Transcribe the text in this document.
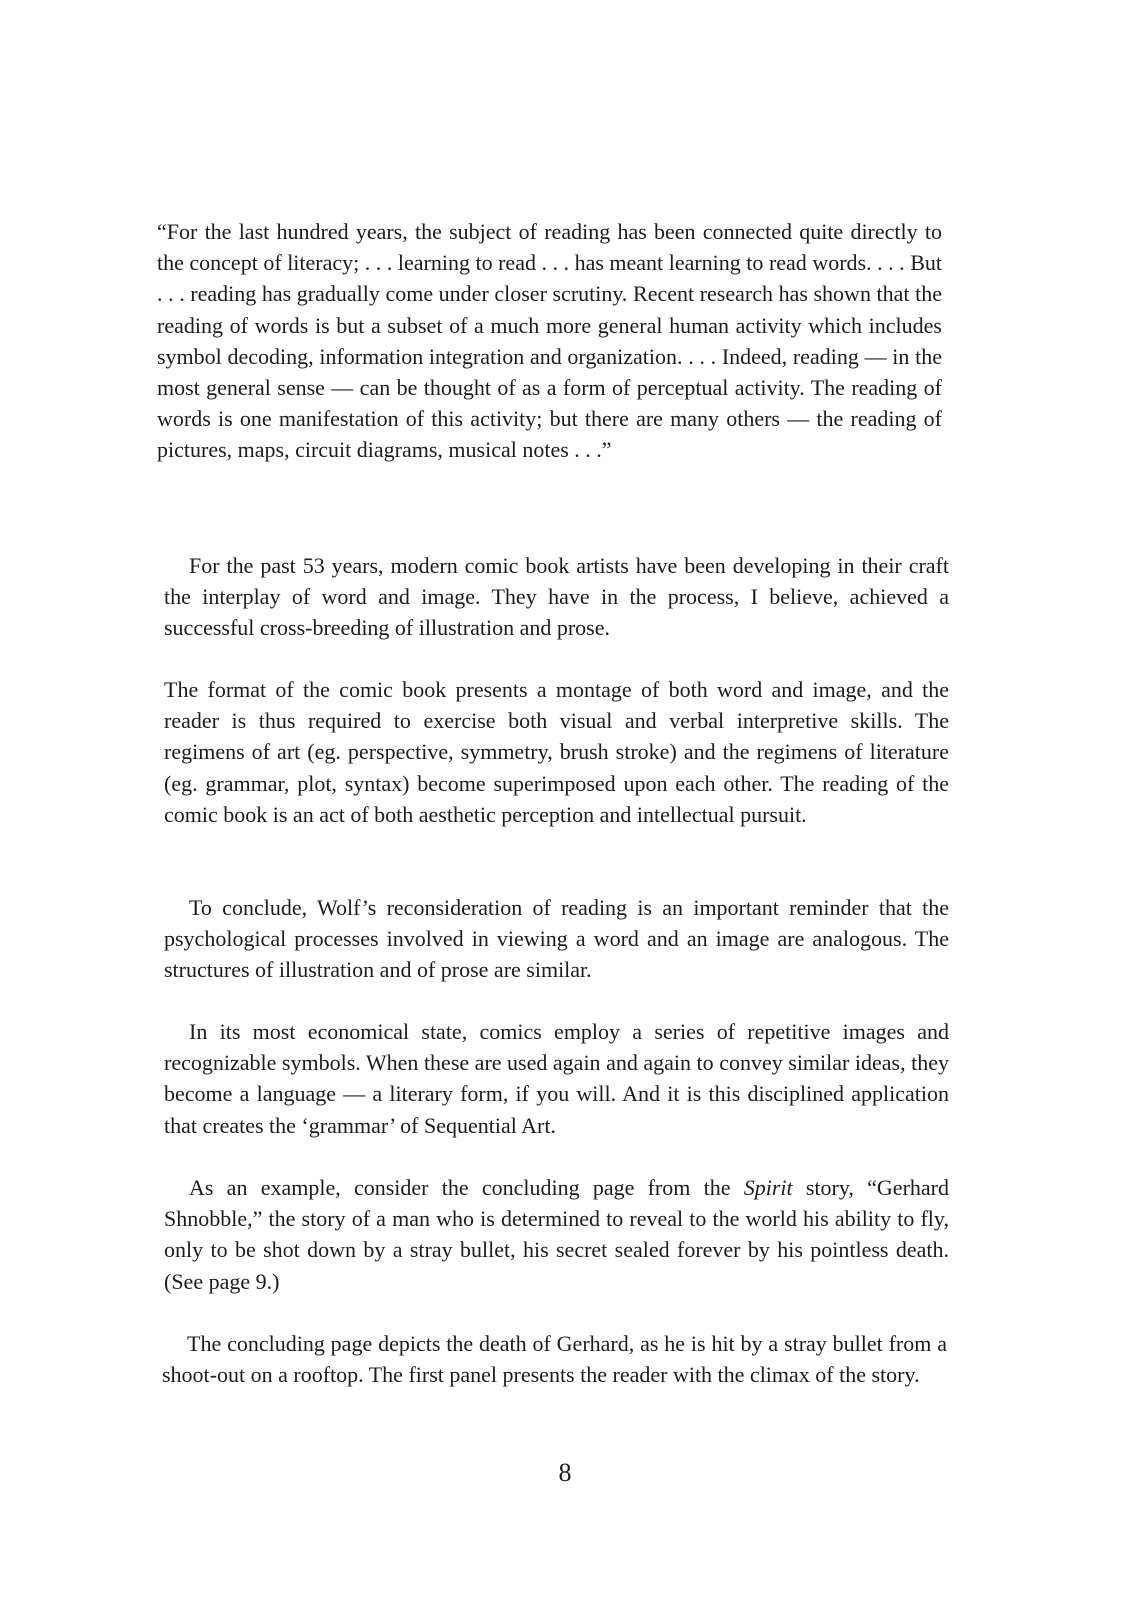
“For the last hundred years, the subject of reading has been connected quite directly to the concept of literacy; . . . learning to read . . . has meant learning to read words. . . . But . . . reading has gradually come under closer scrutiny. Recent research has shown that the reading of words is but a subset of a much more general human activity which includes symbol decoding, information integration and organization. . . . Indeed, reading — in the most general sense — can be thought of as a form of perceptual activity. The reading of words is one manifestation of this activity; but there are many others — the reading of pictures, maps, circuit diagrams, musical notes . . .”

For the past 53 years, modern comic book artists have been developing in their craft the interplay of word and image. They have in the process, I believe, achieved a successful cross-breeding of illustration and prose.

The format of the comic book presents a montage of both word and image, and the reader is thus required to exercise both visual and verbal interpretive skills. The regimens of art (eg. perspective, symmetry, brush stroke) and the regimens of literature (eg. grammar, plot, syntax) become superimposed upon each other. The reading of the comic book is an act of both aesthetic perception and intellectual pursuit.

To conclude, Wolf’s reconsideration of reading is an important reminder that the psychological processes involved in viewing a word and an image are analogous. The structures of illustration and of prose are similar.

In its most economical state, comics employ a series of repetitive images and recognizable symbols. When these are used again and again to convey similar ideas, they become a language — a literary form, if you will. And it is this disciplined application that creates the ‘grammar’ of Sequential Art.

As an example, consider the concluding page from the Spirit story, “Gerhard Shnobble,” the story of a man who is determined to reveal to the world his ability to fly, only to be shot down by a stray bullet, his secret sealed forever by his pointless death. (See page 9.)

The concluding page depicts the death of Gerhard, as he is hit by a stray bullet from a shoot-out on a rooftop. The first panel presents the reader with the climax of the story.

8
